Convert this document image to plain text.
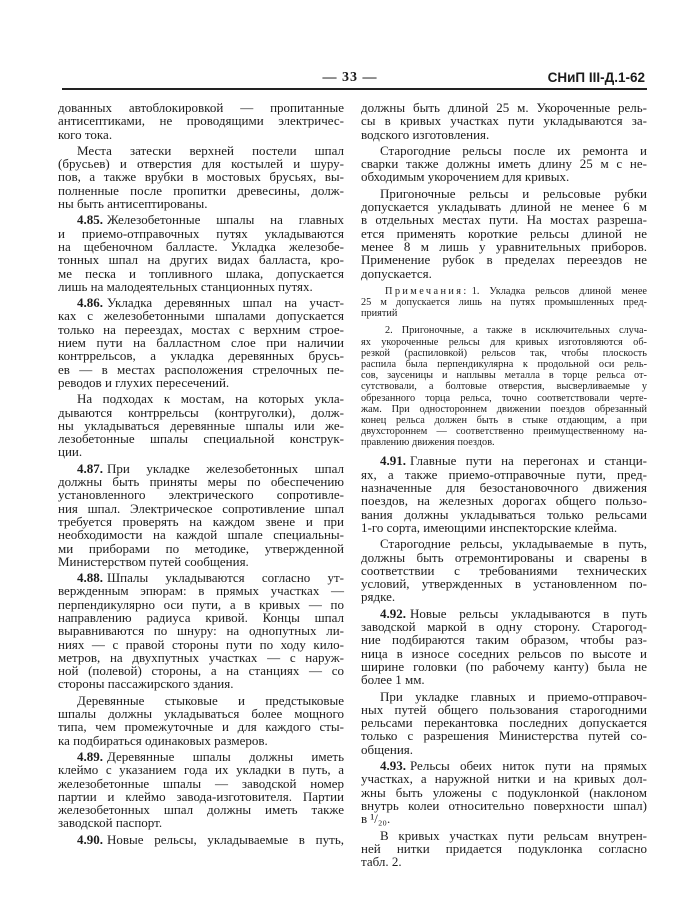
— 33 —	СНиП III-Д.1-62
дованных автоблокировкой — пропитанные
антисептиками, не проводящими электричес-
кого тока.
Места затески верхней постели шпал
(брусьев) и отверстия для костылей и шуру-
пов, а также врубки в мостовых брусьях, вы-
полненные после пропитки древесины, долж-
ны быть антисептированы.
4.85. Железобетонные шпалы на главных
и приемо-отправочных путях укладываются
на щебеночном балласте. Укладка железобе-
тонных шпал на других видах балласта, кро-
ме песка и топливного шлака, допускается
лишь на малодеятельных станционных путях.
4.86. Укладка деревянных шпал на участ-
ках с железобетонными шпалами допускается
только на переездах, мостах с верхним строе-
нием пути на балластном слое при наличии
контррельсов, а укладка деревянных брусь-
ев — в местах расположения стрелочных пе-
реводов и глухих пересечений.
На подходах к мостам, на которых укла-
дываются контррельсы (контруголки), долж-
ны укладываться деревянные шпалы или же-
лезобетонные шпалы специальной конструк-
ции.
4.87. При укладке железобетонных шпал
должны быть приняты меры по обеспечению
установленного электрического сопротивле-
ния шпал. Электрическое сопротивление шпал
требуется проверять на каждом звене и при
необходимости на каждой шпале специальны-
ми приборами по методике, утвержденной
Министерством путей сообщения.
4.88. Шпалы укладываются согласно ут-
вержденным эпюрам: в прямых участках —
перпендикулярно оси пути, а в кривых — по
направлению радиуса кривой. Концы шпал
выравниваются по шнуру: на однопутных ли-
ниях — с правой стороны пути по ходу кило-
метров, на двухпутных участках — с наруж-
ной (полевой) стороны, а на станциях — со
стороны пассажирского здания.
Деревянные стыковые и предстыковые
шпалы должны укладываться более мощного
типа, чем промежуточные и для каждого сты-
ка подбираться одинаковых размеров.
4.89. Деревянные шпалы должны иметь
клеймо с указанием года их укладки в путь, а
железобетонные шпалы — заводской номер
партии и клеймо завода-изготовителя. Партии
железобетонных шпал должны иметь также
заводской паспорт.
4.90. Новые рельсы, укладываемые в путь,
должны быть длиной 25 м. Укороченные рель-
сы в кривых участках пути укладываются за-
водского изготовления.
Старогодние рельсы после их ремонта и
сварки также должны иметь длину 25 м с не-
обходимым укорочением для кривых.
Пригоночные рельсы и рельсовые рубки
допускается укладывать длиной не менее 6 м
в отдельных местах пути. На мостах разреша-
ется применять короткие рельсы длиной не
менее 8 м лишь у уравнительных приборов.
Применение рубок в пределах переездов не
допускается.
Примечания: 1. Укладка рельсов длиной менее
25 м допускается лишь на путях промышленных пред-
приятий
2. Пригоночные, а также в исключительных случа-
ях укороченные рельсы для кривых изготовляются об-
резкой (распиловкой) рельсов так, чтобы плоскость
распила была перпендикулярна к продольной оси рель-
сов, заусеницы и наплывы металла в торце рельса от-
сутствовали, а болтовые отверстия, высверливаемые у
обрезанного торца рельса, точно соответствовали черте-
жам. При одностороннем движении поездов обрезанный
конец рельса должен быть в стыке отдающим, а при
двухстороннем — соответственно преимущественному на-
правлению движения поездов.
4.91. Главные пути на перегонах и станци-
ях, а также приемо-отправочные пути, пред-
назначенные для безостановочного движения
поездов, на железных дорогах общего пользо-
вания должны укладываться только рельсами
1-го сорта, имеющими инспекторские клейма.
Старогодние рельсы, укладываемые в путь,
должны быть отремонтированы и сварены в
соответствии с требованиями технических
условий, утвержденных в установленном по-
рядке.
4.92. Новые рельсы укладываются в путь
заводской маркой в одну сторону. Старогод-
ние подбираются таким образом, чтобы раз-
ница в износе соседних рельсов по высоте и
ширине головки (по рабочему канту) была не
более 1 мм.
При укладке главных и приемо-отправоч-
ных путей общего пользования старогодними
рельсами перекантовка последних допускается
только с разрешения Министерства путей со-
общения.
4.93. Рельсы обеих ниток пути на прямых
участках, а наружной нитки и на кривых дол-
жны быть уложены с подуклонкой (наклоном
внутрь колеи относительно поверхности шпал)
в ¹/₂₀.
В кривых участках пути рельсам внутрен-
ней нитки придается подуклонка согласно
табл. 2.
